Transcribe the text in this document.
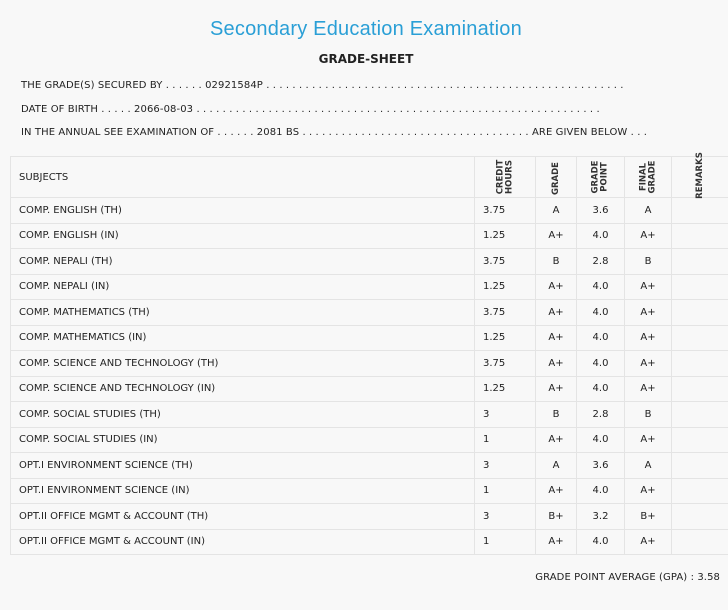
Secondary Education Examination
GRADE-SHEET
THE GRADE(S) SECURED BY . . . . . . 02921584P . . . . . . . . . . . . . . . . . . . . . . . . . . . . . . . . . . . . . . . . . . . . . . . . . . . . . . .
DATE OF BIRTH . . . . . 2066-08-03 . . . . . . . . . . . . . . . . . . . . . . . . . . . . . . . . . . . . . . . . . . . . . . . . . . . . . . . . . . . . . .
IN THE ANNUAL SEE EXAMINATION OF . . . . . . 2081 BS . . . . . . . . . . . . . . . . . . . . . . . . . . . . . . . . . . . ARE GIVEN BELOW . . .
SUBJECTS	CREDIT HOURS	GRADE	GRADE POINT	FINAL GRADE	REMARKS

COMP. ENGLISH (TH)	3.75	A	3.6	A	
COMP. ENGLISH (IN)	1.25	A+	4.0	A+	
COMP. NEPALI (TH)	3.75	B	2.8	B	
COMP. NEPALI (IN)	1.25	A+	4.0	A+	
COMP. MATHEMATICS (TH)	3.75	A+	4.0	A+	
COMP. MATHEMATICS (IN)	1.25	A+	4.0	A+	
COMP. SCIENCE AND TECHNOLOGY (TH)	3.75	A+	4.0	A+	
COMP. SCIENCE AND TECHNOLOGY (IN)	1.25	A+	4.0	A+	
COMP. SOCIAL STUDIES (TH)	3	B	2.8	B	
COMP. SOCIAL STUDIES (IN)	1	A+	4.0	A+	
OPT.I ENVIRONMENT SCIENCE (TH)	3	A	3.6	A	
OPT.I ENVIRONMENT SCIENCE (IN)	1	A+	4.0	A+	
OPT.II OFFICE MGMT & ACCOUNT (TH)	3	B+	3.2	B+	
OPT.II OFFICE MGMT & ACCOUNT (IN)	1	A+	4.0	A+	
GRADE POINT AVERAGE (GPA) : 3.58
